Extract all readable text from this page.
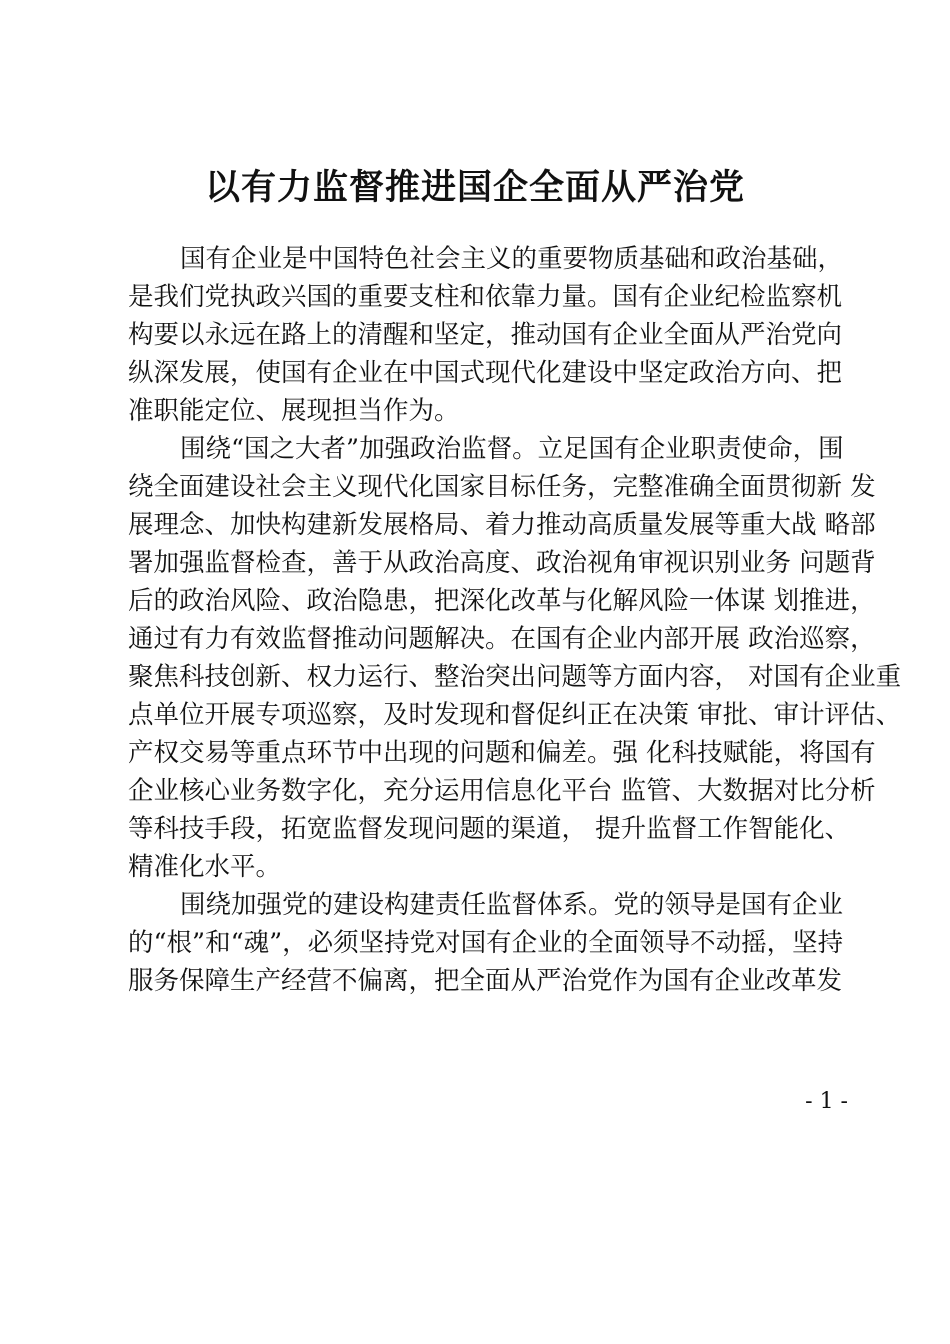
以有力监督推进国企全面从严治党
国有企业是中国特色社会主义的重要物质基础和政治基础，
是我们党执政兴国的重要支柱和依靠力量。国有企业纪检监察机
构要以永远在路上的清醒和坚定，推动国有企业全面从严治党向
纵深发展，使国有企业在中国式现代化建设中坚定政治方向、把
准职能定位、展现担当作为。
围绕“国之大者”加强政治监督。立足国有企业职责使命，围
绕全面建设社会主义现代化国家目标任务，完整准确全面贯彻新 发
展理念、加快构建新发展格局、着力推动高质量发展等重大战 略部
署加强监督检查，善于从政治高度、政治视角审视识别业务 问题背
后的政治风险、政治隐患，把深化改革与化解风险一体谋 划推进，
通过有力有效监督推动问题解决。在国有企业内部开展 政治巡察，
聚焦科技创新、权力运行、整治突出问题等方面内容， 对国有企业重
点单位开展专项巡察，及时发现和督促纠正在决策 审批、审计评估、
产权交易等重点环节中出现的问题和偏差。强 化科技赋能，将国有
企业核心业务数字化，充分运用信息化平台 监管、大数据对比分析
等科技手段，拓宽监督发现问题的渠道， 提升监督工作智能化、
精准化水平。
围绕加强党的建设构建责任监督体系。党的领导是国有企业
的“根”和“魂”，必须坚持党对国有企业的全面领导不动摇，坚持
服务保障生产经营不偏离，把全面从严治党作为国有企业改革发
- 1 -
